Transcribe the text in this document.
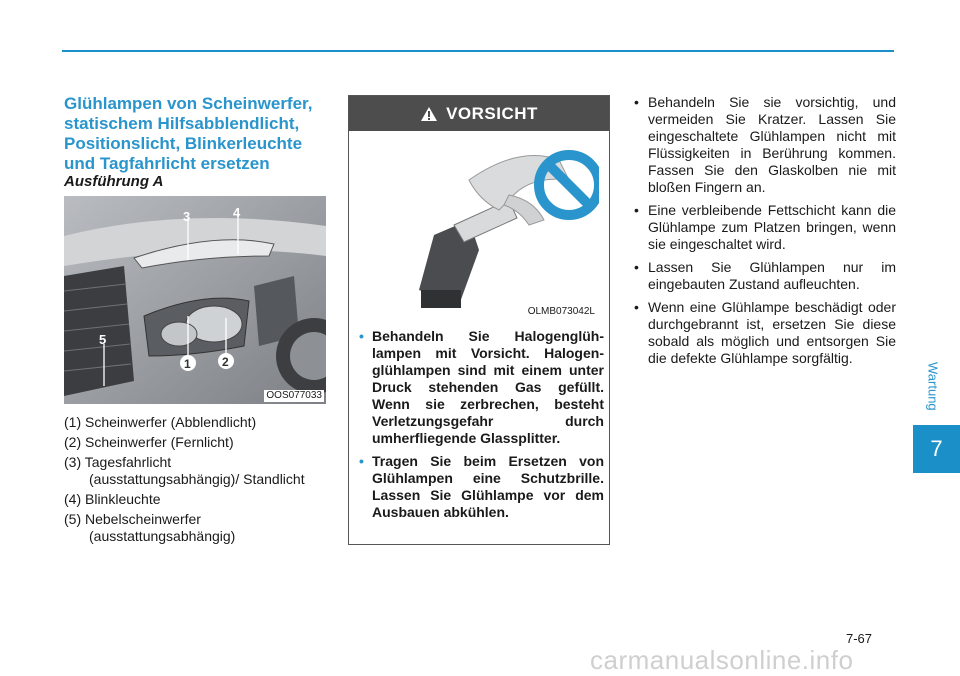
Glühlampen von Scheinwerfer, statischem Hilfsabblendlicht, Positionslicht, Blinkerleuchte und Tagfahrlicht ersetzen
Ausführung A
3	4
5
1	2
OOS077033
(1) Scheinwerfer (Abblendlicht)
(2) Scheinwerfer (Fernlicht)
(3) Tagesfahrlicht
(ausstattungsabhängig)/ Standlicht
(4) Blinkleuchte
(5) Nebelscheinwerfer
(ausstattungsabhängig)
VORSICHT
OLMB073042L
• Behandeln Sie Halogenglühlampen mit Vorsicht. Halogenglühlampen sind mit einem unter Druck stehenden Gas gefüllt. Wenn sie zerbrechen, besteht Verletzungsgefahr durch umherfliegende Glassplitter.
• Tragen Sie beim Ersetzen von Glühlampen eine Schutzbrille. Lassen Sie Glühlampe vor dem Ausbauen abkühlen.
• Behandeln Sie sie vorsichtig, und vermeiden Sie Kratzer. Lassen Sie eingeschaltete Glühlampen nicht mit Flüssigkeiten in Berührung kommen. Fassen Sie den Glaskolben nie mit bloßen Fingern an.
• Eine verbleibende Fettschicht kann die Glühlampe zum Platzen bringen, wenn sie eingeschaltet wird.
• Lassen Sie Glühlampen nur im eingebauten Zustand aufleuchten.
• Wenn eine Glühlampe beschädigt oder durchgebrannt ist, ersetzen Sie diese sobald als möglich und entsorgen Sie die defekte Glühlampe sorgfältig.
Wartung
7
7-67
carmanualsonline.info
